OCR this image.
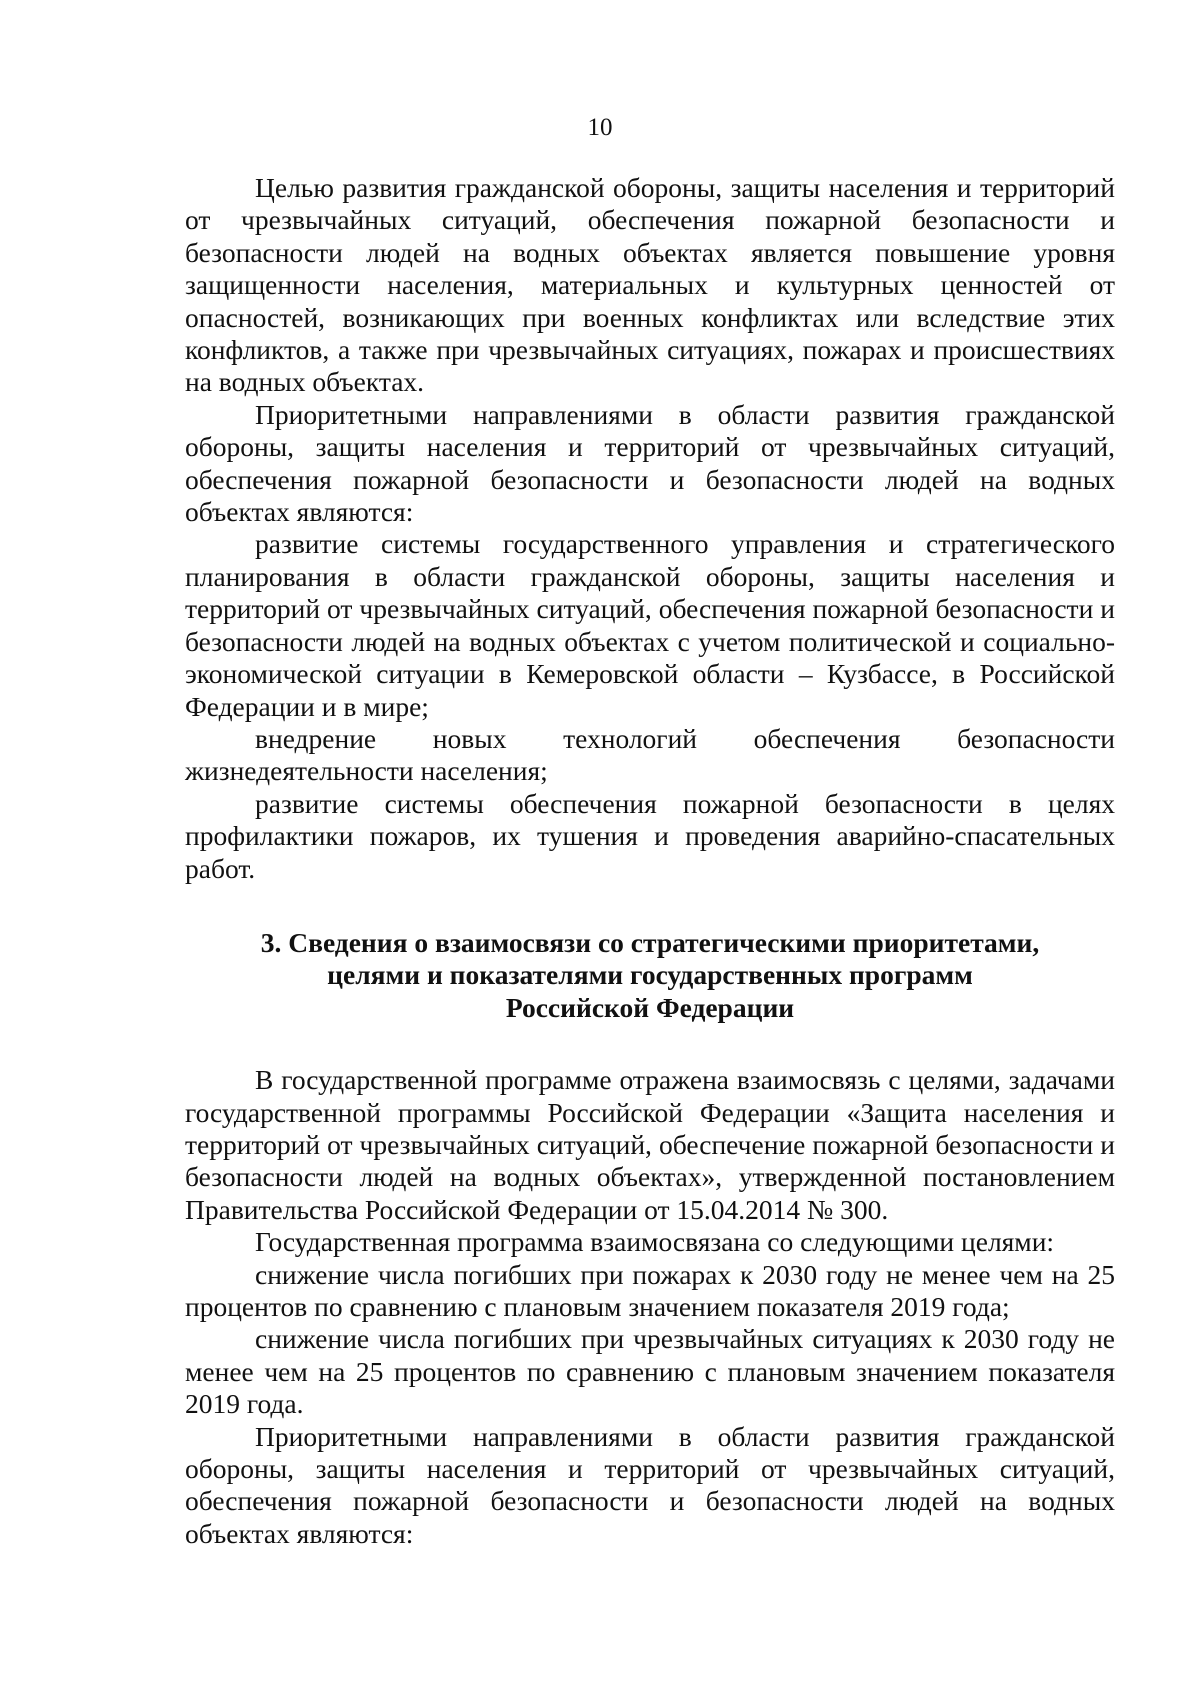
10

Целью развития гражданской обороны, защиты населения и территорий от чрезвычайных ситуаций, обеспечения пожарной безопасности и безопасности людей на водных объектах является повышение уровня защищенности населения, материальных и культурных ценностей от опасностей, возникающих при военных конфликтах или вследствие этих конфликтов, а также при чрезвычайных ситуациях, пожарах и происшествиях на водных объектах.

Приоритетными направлениями в области развития гражданской обороны, защиты населения и территорий от чрезвычайных ситуаций, обеспечения пожарной безопасности и безопасности людей на водных объектах являются:

развитие системы государственного управления и стратегического планирования в области гражданской обороны, защиты населения и территорий от чрезвычайных ситуаций, обеспечения пожарной безопасности и безопасности людей на водных объектах с учетом политической и социально-экономической ситуации в Кемеровской области – Кузбассе, в Российской Федерации и в мире;

внедрение новых технологий обеспечения безопасности жизнедеятельности населения;

развитие системы обеспечения пожарной безопасности в целях профилактики пожаров, их тушения и проведения аварийно-спасательных работ.

3. Сведения о взаимосвязи со стратегическими приоритетами,
целями и показателями государственных программ
Российской Федерации

В государственной программе отражена взаимосвязь с целями, задачами государственной программы Российской Федерации «Защита населения и территорий от чрезвычайных ситуаций, обеспечение пожарной безопасности и безопасности людей на водных объектах», утвержденной постановлением Правительства Российской Федерации от 15.04.2014 № 300.

Государственная программа взаимосвязана со следующими целями:

снижение числа погибших при пожарах к 2030 году не менее чем на 25 процентов по сравнению с плановым значением показателя 2019 года;

снижение числа погибших при чрезвычайных ситуациях к 2030 году не менее чем на 25 процентов по сравнению с плановым значением показателя 2019 года.

Приоритетными направлениями в области развития гражданской обороны, защиты населения и территорий от чрезвычайных ситуаций, обеспечения пожарной безопасности и безопасности людей на водных объектах являются:
